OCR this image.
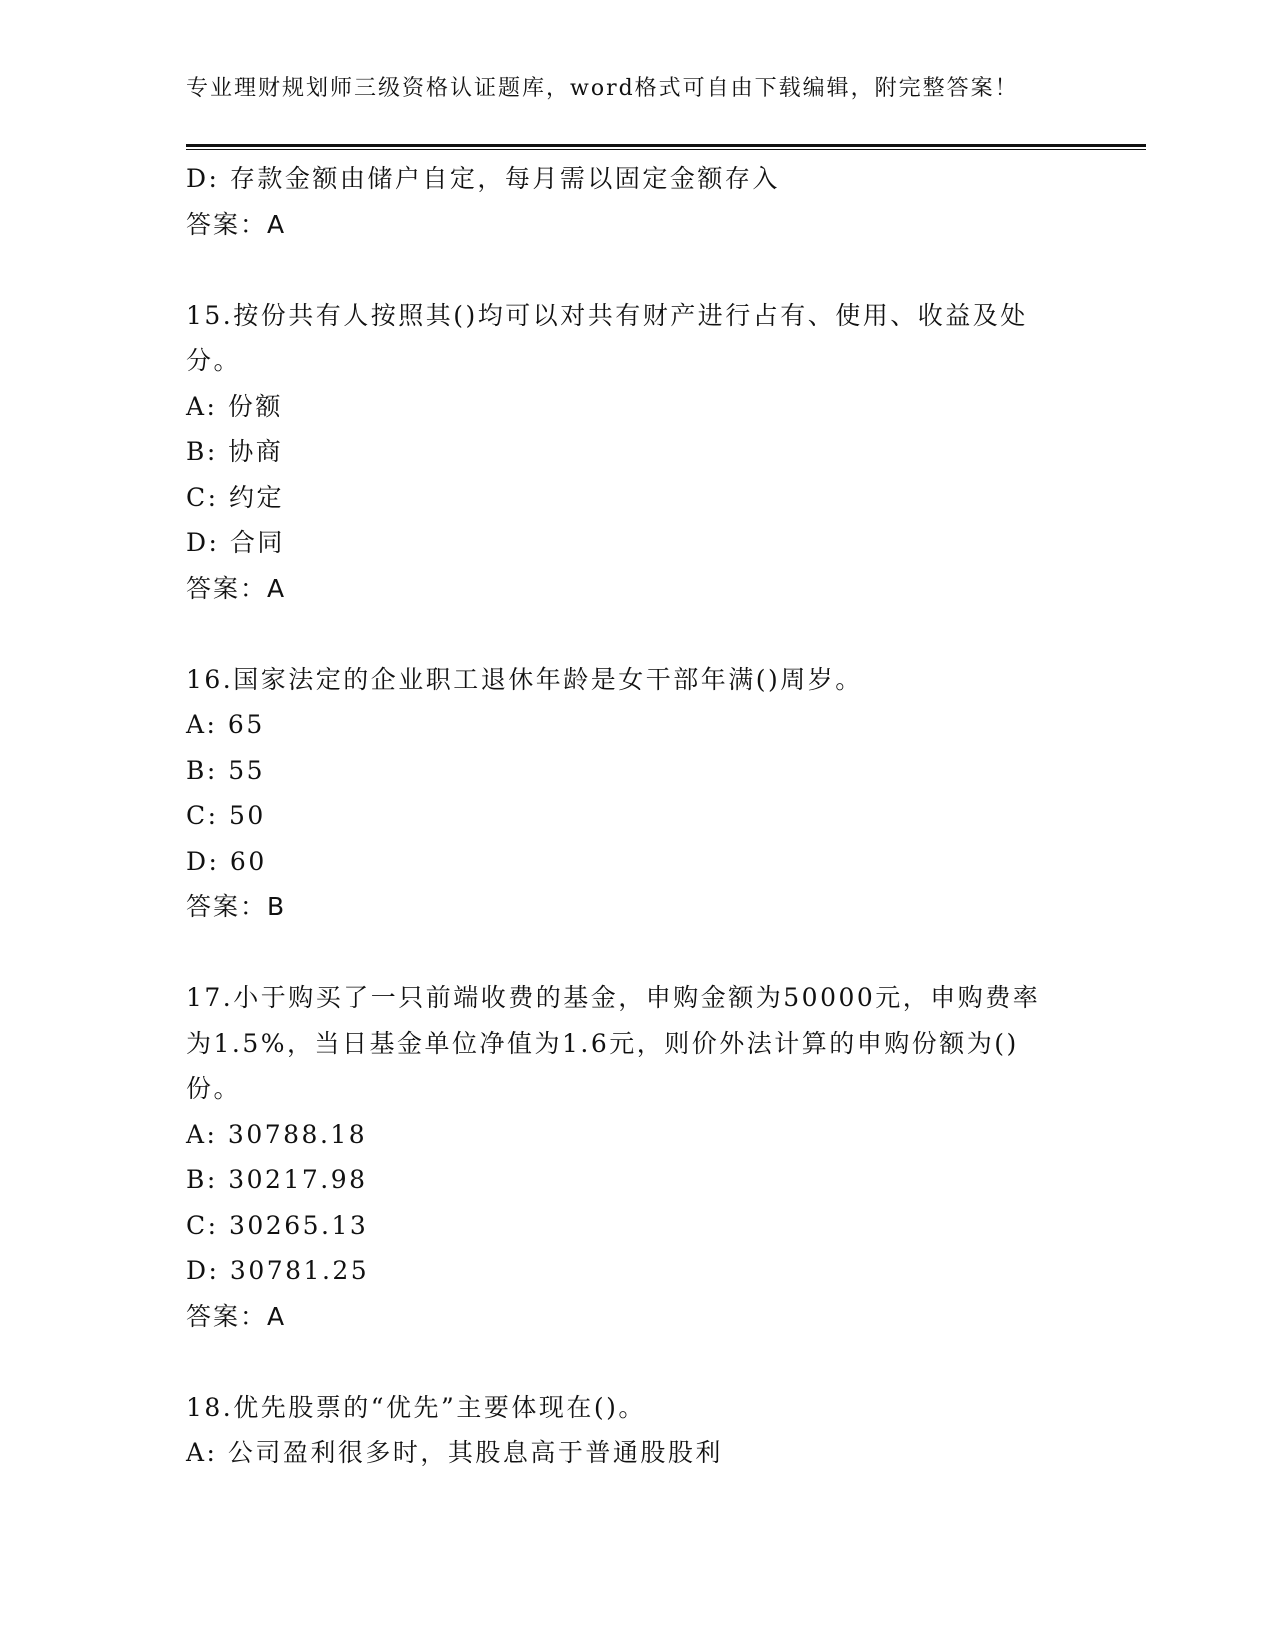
专业理财规划师三级资格认证题库，word格式可自由下载编辑，附完整答案！

D: 存款金额由储户自定，每月需以固定金额存入

答案：A

15.按份共有人按照其()均可以对共有财产进行占有、使用、收益及处

分。

A: 份额

B: 协商

C: 约定

D: 合同

答案：A

16.国家法定的企业职工退休年龄是女干部年满()周岁。

A: 65

B: 55

C: 50

D: 60

答案：B

17.小于购买了一只前端收费的基金，申购金额为50000元，申购费率

为1.5%，当日基金单位净值为1.6元，则价外法计算的申购份额为()

份。

A: 30788.18

B: 30217.98

C: 30265.13

D: 30781.25

答案：A

18.优先股票的“优先”主要体现在()。

A: 公司盈利很多时，其股息高于普通股股利
